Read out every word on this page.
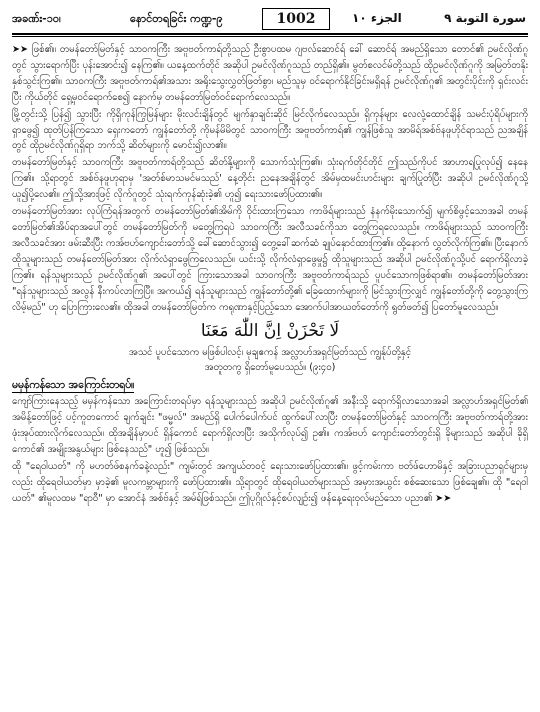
အခဏ်း-၁၀၊	နောင်တရခြင်း ကဏ္ဍ-၉	1002	الجزء ١٠	سورة التوبة ٩

➤➤ ဖြစ်၏။ တမန်တော်မြတ်နှင့် သာဝကကြီး အဗူဗတ်ကာရ်တို့သည် ဦးစွာပထမ ဂျဗလ်ဆောင်ရ် ခေါ် ဆောင်ရ် အမည်ရှိသော တောင်၏ ဥမင်လိုဏ်ဂူတွင် သွားရောက်ပြီး ပုန်းအောင်း၍ နေကြ၏။ ယနေ့ထက်တိုင် အဆိုပါ ဥမင်လိုဏ်ဂူသည် တည်ရှိ၏။ မွတ်စလင်မ်တို့သည် ထိုဥမင်လိုဏ်ဂူကို အမြတ်တနိုး နှစ်သွင်းကြ၏။ သာဝကကြီး အဗူဗတ်ကာရ်၏အသား အရိုးသွေးလွှတ်ဖြတ်စွာ၊ မည်သူမှ ဝင်ရောက်နိုင်ခြင်းမရှိရန် ဥမင်လိုဏ်ဂူ၏ အတွင်းပိုင်းကို ရှင်းလင်းပြီး ကိုယ်တိုင် ရှေ့မှဝင်ရောက်စေ၍ နောက်မှ တမန်တော်မြတ်ဝင်ရောက်လေသည်။

မြို့တွင်းသို့ ပြန်၍ သွားပြီး ကိုရှိကုန်ကြွမြန်များ မိုးလင်းချိန်တွင် မျက်နှာချင်းဆိုင် မြင်လိုက်လေသည်။ ရှိကုန်များ လေလုံ့ထောင်ချိန် သမင်းပုံရိပ်များကို ရှာဖွေ၍ ထုတ်ပြန်ကြသော ရှေးကတော် ကျွန်တော်တို့ ကိုမန်မိမိတွင် သာဝကကြီး အဗူဗတ်ကာရ်၏ ကျွန်ဖြစ်သူ အာမိရ်အစ်ဗ်နဖူဟိုင်ရာသည် ညအချိန်တွင် ထိုဥမင်လိုဏ်ဂူရှိရာ ဘက်သို့ ဆိတ်များကို မောင်း၍လာ၏။

တမန်တော်မြတ်နှင့် သာဝကကြီး အဗူဗတ်ကာရ်တို့သည် ဆိတ်နို့များကို သောက်သုံးကြ၏။ သုံးရက်တိုင်တိုင် ဤသည်ကိုပင် အာဟာရပြုလုပ်၍ နေနေကြ၏။ သို့ရာတွင် အစ်ဗ်နဖူဟုရာမှ 'အတ်စ်မာသမင်မသည်' နေ့တိုင်း ညနေအချိန်တွင် အိမ်မှထမင်းဟင်းများ ချက်ပြုတ်ပြီး အဆိုပါ ဥမင်လိုဏ်ဂူသို့ ယူ၍ပို့လေ၏။ ဤသို့အားဖြင့် လိုက်ဂူတွင် သုံးရက်ကုန်ဆုံးခဲ့၏ ဟူ၍ ရေးသားဖော်ပြထား၏။

တမန်တော်မြတ်အား လုပ်ကြံရန်အတွက် တမန်တော်မြတ်၏အိမ်ကို ဝိုင်းထားကြသော ကာဖိရ်များသည် နံနက်မိုးသောက်၍ မျက်စိဖွင့်သောအခါ တမန်တော်မြတ်၏အိပ်ရာအပေါ်တွင် တမန်တော်မြတ်ကို မတွေ့ကြရပဲ သာဝကကြီး အလီသခင်ကိုသာ တွေ့ကြရလေသည်။ ကာဖိရ်များသည် သာဝကကြီး အလီသခင်အား ဖမ်းဆီးပြီး ကအ်ဗဟ်ကျောင်းတော်သို့ ခေါ်ဆောင်သွား၍ တွေ့ခေါ်ဆက်ဆံ ချုပ်နှောင်ထားကြ၏။ ထို့နောက် လွှတ်လိုက်ကြ၏။ ပြီးနောက် ထိုသူများသည် တမန်တော်မြတ်အား လိုက်လံရှာဖွေကြလေသည်။ ယင်းသို့ လိုက်လံရှာဖွေမှု၌ ထိုသူများသည် အဆိုပါ ဥမင်လိုဏ်ဂူသို့ပင် ရောက်ရှိလာခဲ့ကြ၏။ ရန်သူများသည် ဥမင်လိုဏ်ဂူ၏ အပေါ်တွင် ကြားသောအခါ သာဝကကြီး အဗူဗတ်ကာရ်သည် ပူပင်သောကဖြစ်ရာ၏။ တမန်တော်မြတ်အား "ရန်သူများသည် အလွန် နီးကပ်လာကြပြီ။ အကယ်၍ ရန်သူများသည် ကျွန်တော်တို့၏ ခြေထောက်များကို မြင်သွားကြလျှင် ကျွန်တော်တို့ကို တွေ့သွားကြလိမ့်မည်" ဟု ပြောကြားလေ၏။ ထိုအခါ တမန်တော်မြတ်က ကရုဏာနှင့်ပြည့်သော အောက်ပါအာယတ်တော်ကို ရွတ်ဖတ်၍ ပြတော်မူလေသည်။

لَا تَحْزَنْ اِنَّ اللّٰهَ مَعَنَا

အသင် ပူပင်သောက မဖြစ်ပါလင့်၊ မုချဧကန် အလ္လာဟ်အရှင်မြတ်သည် ကျွန်ုပ်တို့နှင့်

အတူတကွ ရှိတော်မူပေသည်။ (၉း၄၀)

မမှန်ကန်သော အကြောင်းတရပ်။

ကျော်ကြားနေသည့် မမှန်ကန်သော အကြောင်းတရပ်မှာ ရန်သူများသည် အဆိုပါ ဥမင်လိုဏ်ဂူ၏ အနီးသို့ ရောက်ရှိလာသောအခါ အလ္လာဟ်အရှင်မြတ်၏ အမိန့်တော်ဖြင့် ပင့်ကူတကောင် ချက်ချင်း "ဖမ္မလ်" အမည်ရှိ ပေါက်ပေါက်ပင် ထွက်ပေါ်လာပြီး တမန်တော်မြတ်နှင့် သာဝကကြီး အဗူဗတ်ကာရ်တို့အား ဖုံးအုပ်ထားလိုက်လေသည်။ ထိုအချိန်မှာပင် ရှိန်ကောင် ရောက်ရှိလာပြီး အသိုက်လုပ်၍ ဥ၏။ ကအ်ဗဟ် ကျောင်းတော်တွင်းရှိ ခိုများသည် အဆိုပါ ခိုရှိကောင်၏ အမျိုးအနွယ်များ ဖြစ်နေသည်" ဟူ၍ ဖြစ်သည်။

ထို "ရေဝါယတ်" ကို မဟတ်ဖ်စနက်ခနဲ့လည်း" ကျမ်းတွင် အကျယ်တဝင့် ရေးသားဖော်ပြထား၏။ ဖွင့်ကမ်းကာ ဗတ်ဖ်ဟောမိနှင့် အခြားပညာရှင်များမှလည်း ထိုရေဝါယတ်မှာ မှာခဲ့၏ မူလကမ္ဘာများကို ဖော်ပြထား၏။ သို့ရာတွင် ထိုရေဝါယတ်များသည် အမှားအယွင်း စစ်ဆေးသော ဖြစ်ချေ၏။ ထို "ရေဝါယတ်" ၏မူလထမ "ရာဝီ" မှာ အောင်နံ အစ်ဗ်နှင့် အမ်ရ်ဖြစ်သည်။ ဤပုဂ္ဂိုလ်နှင့်စပ်လျဉ်း၍ ဖန်နေ့ရေးဝုလ်မည်သော ပညာ၏ ➤➤
